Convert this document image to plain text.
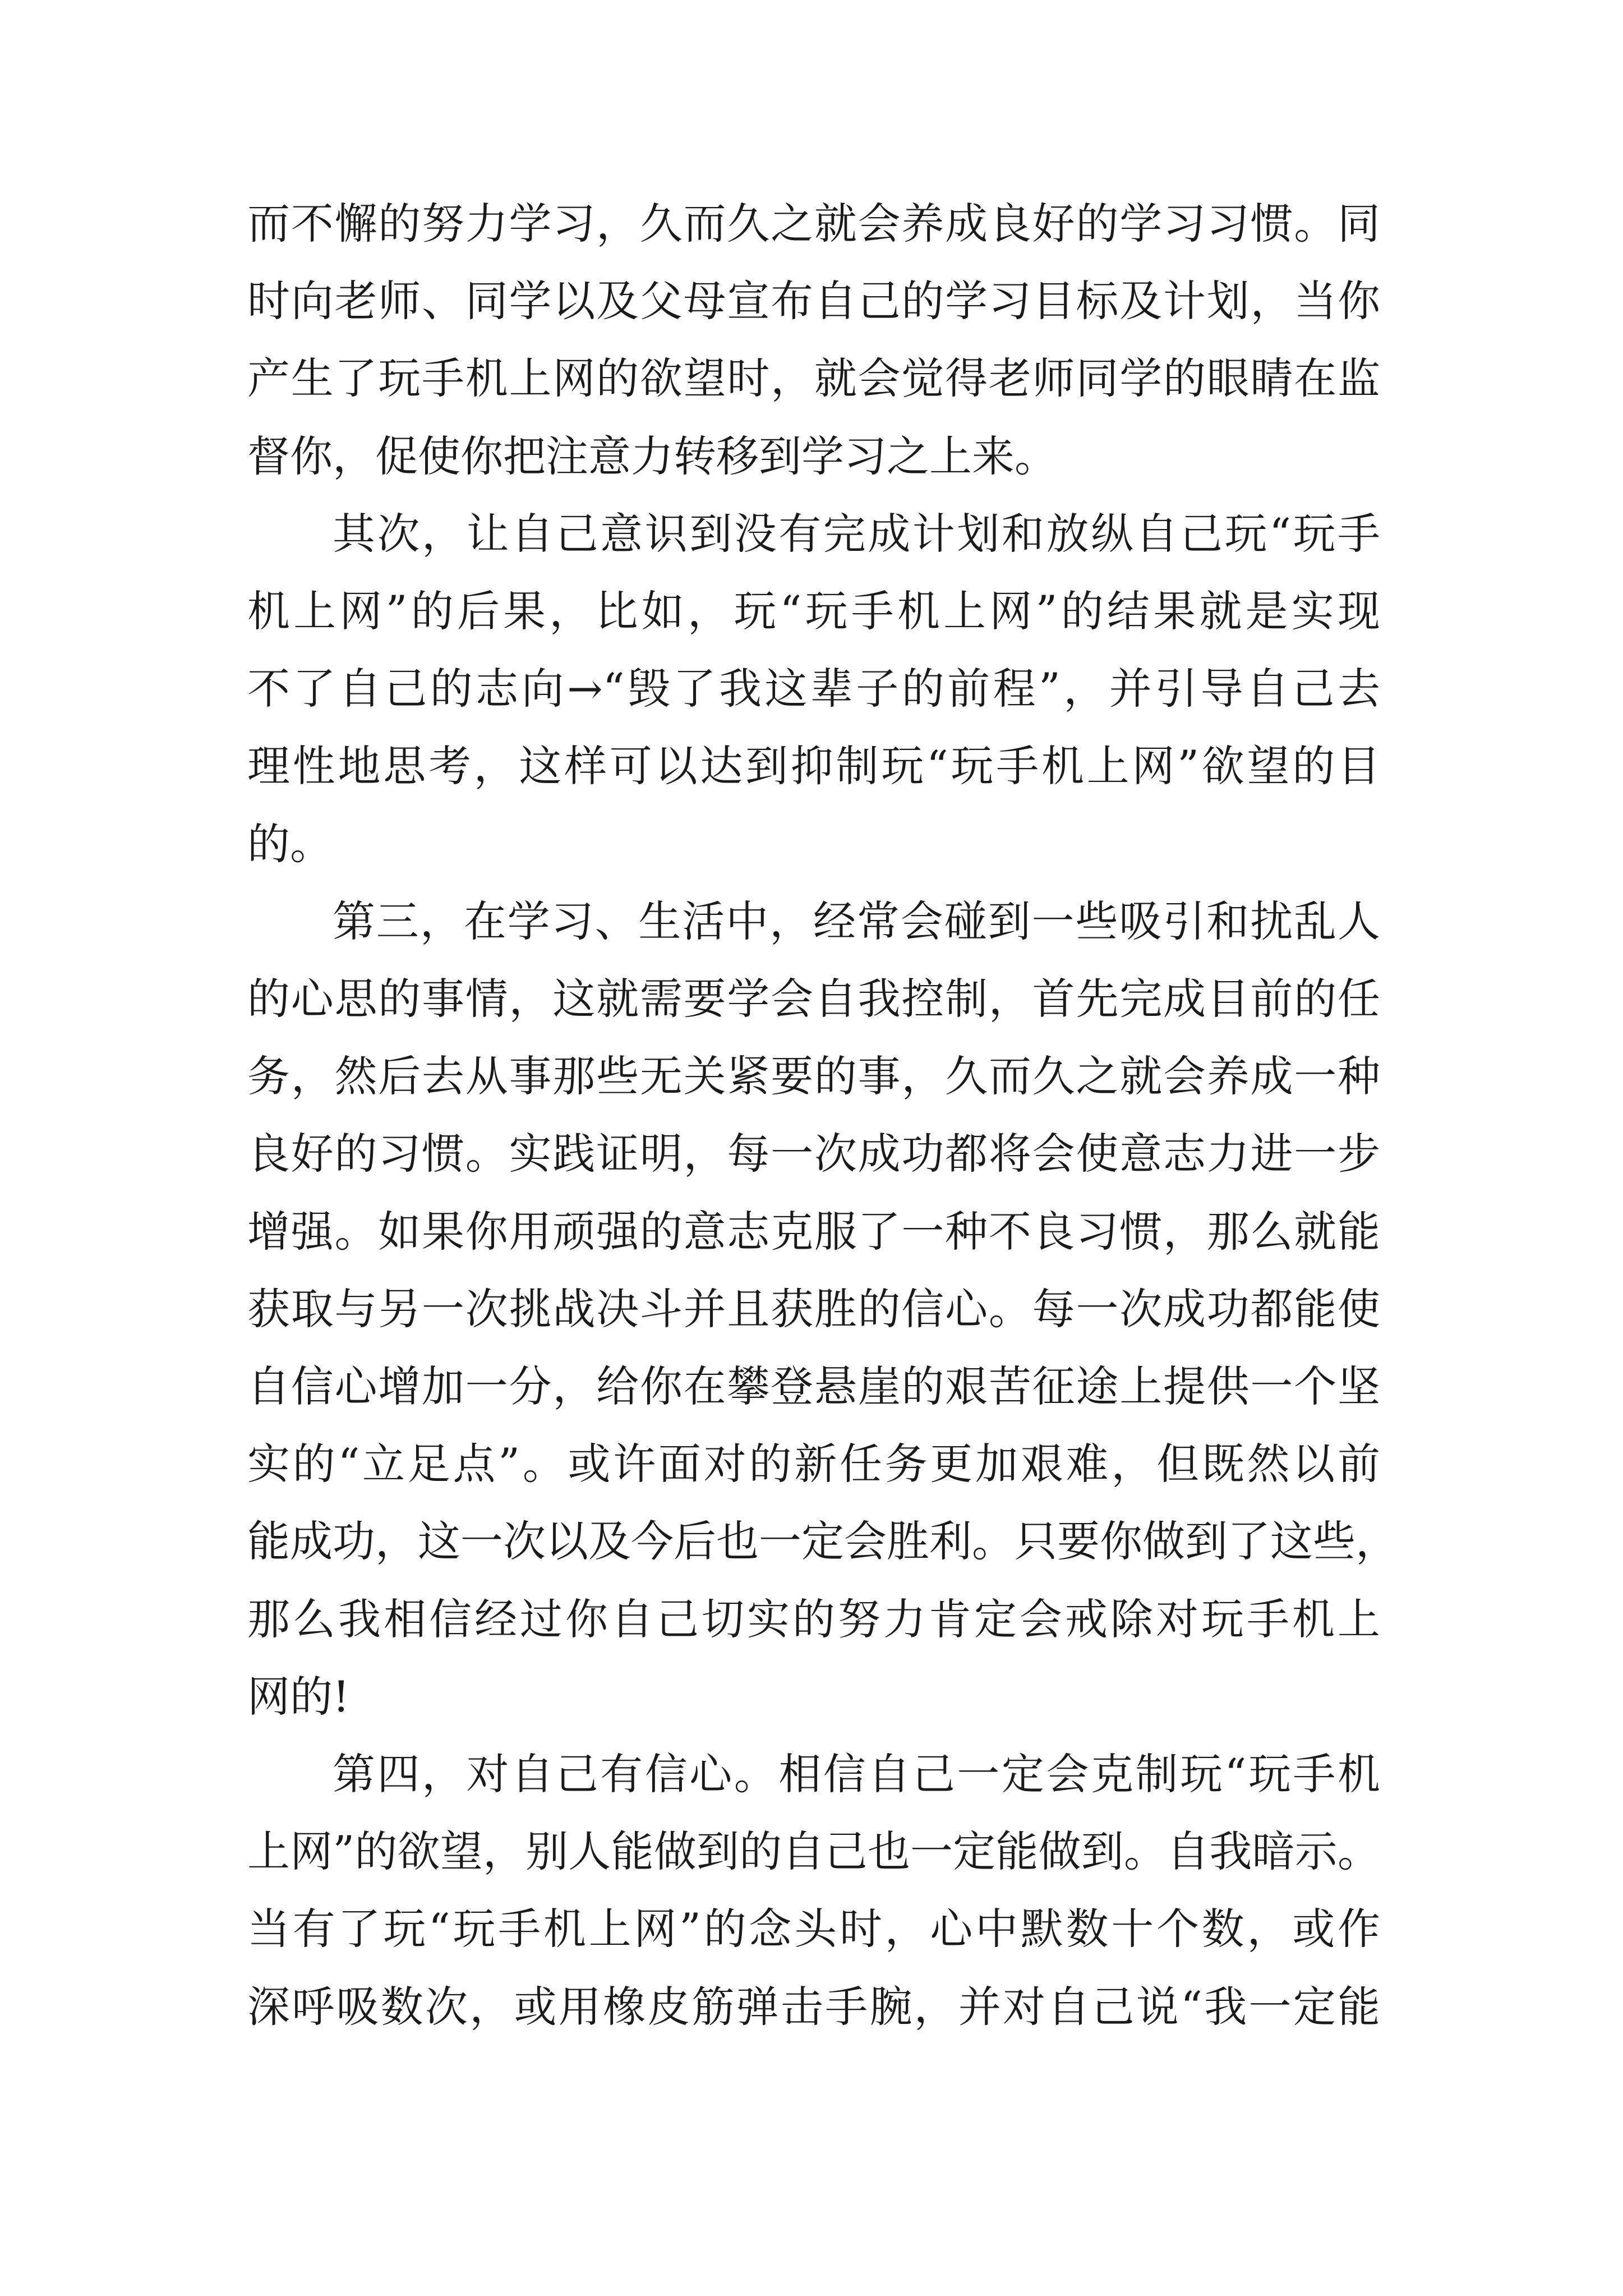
而不懈的努力学习，久而久之就会养成良好的学习习惯。同
时向老师、同学以及父母宣布自己的学习目标及计划，当你
产生了玩手机上网的欲望时，就会觉得老师同学的眼睛在监
督你，促使你把注意力转移到学习之上来。
其次，让自己意识到没有完成计划和放纵自己玩“玩手
机上网”的后果，比如，玩“玩手机上网”的结果就是实现
不了自己的志向→“毁了我这辈子的前程”，并引导自己去
理性地思考，这样可以达到抑制玩“玩手机上网”欲望的目
的。
第三，在学习、生活中，经常会碰到一些吸引和扰乱人
的心思的事情，这就需要学会自我控制，首先完成目前的任
务，然后去从事那些无关紧要的事，久而久之就会养成一种
良好的习惯。实践证明，每一次成功都将会使意志力进一步
增强。如果你用顽强的意志克服了一种不良习惯，那么就能
获取与另一次挑战决斗并且获胜的信心。每一次成功都能使
自信心增加一分，给你在攀登悬崖的艰苦征途上提供一个坚
实的“立足点”。或许面对的新任务更加艰难，但既然以前
能成功，这一次以及今后也一定会胜利。只要你做到了这些，
那么我相信经过你自己切实的努力肯定会戒除对玩手机上
网的!
第四，对自己有信心。相信自己一定会克制玩“玩手机
上网”的欲望，别人能做到的自己也一定能做到。自我暗示。
当有了玩“玩手机上网”的念头时，心中默数十个数，或作
深呼吸数次，或用橡皮筋弹击手腕，并对自己说“我一定能
